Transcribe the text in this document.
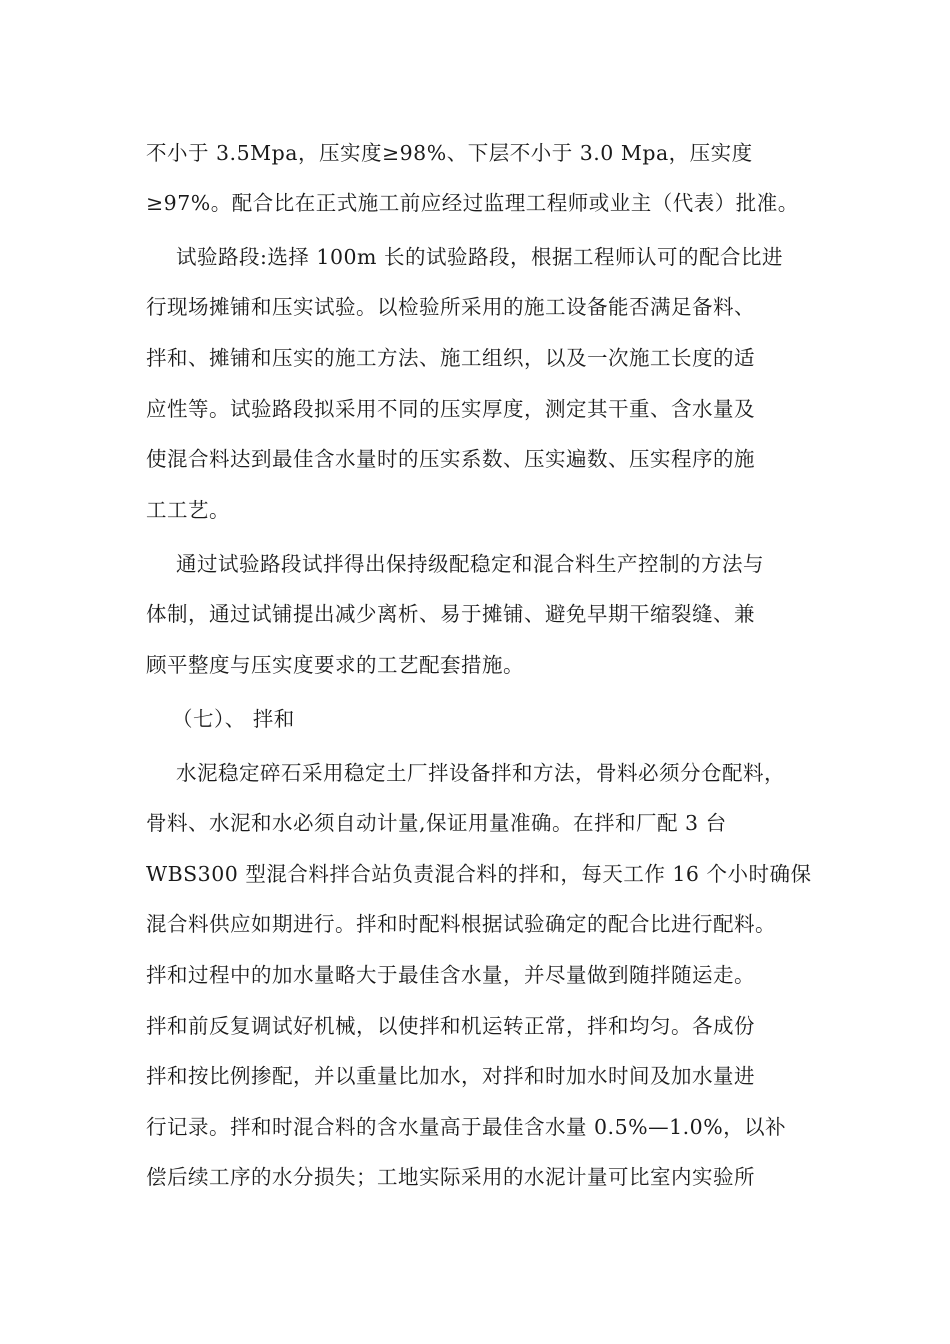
不小于 3.5Mpa，压实度≥98%、下层不小于 3.0 Mpa，压实度
≥97%。配合比在正式施工前应经过监理工程师或业主（代表）批准。
试验路段:选择 100m 长的试验路段，根据工程师认可的配合比进
行现场摊铺和压实试验。以检验所采用的施工设备能否满足备料、
拌和、摊铺和压实的施工方法、施工组织，以及一次施工长度的适
应性等。试验路段拟采用不同的压实厚度，测定其干重、含水量及
使混合料达到最佳含水量时的压实系数、压实遍数、压实程序的施
工工艺。
通过试验路段试拌得出保持级配稳定和混合料生产控制的方法与
体制，通过试铺提出减少离析、易于摊铺、避免早期干缩裂缝、兼
顾平整度与压实度要求的工艺配套措施。
（七）、 拌和
水泥稳定碎石采用稳定土厂拌设备拌和方法，骨料必须分仓配料，
骨料、水泥和水必须自动计量,保证用量准确。在拌和厂配 3 台
WBS300 型混合料拌合站负责混合料的拌和，每天工作 16 个小时确保
混合料供应如期进行。拌和时配料根据试验确定的配合比进行配料。
拌和过程中的加水量略大于最佳含水量，并尽量做到随拌随运走。
拌和前反复调试好机械，以使拌和机运转正常，拌和均匀。各成份
拌和按比例掺配，并以重量比加水，对拌和时加水时间及加水量进
行记录。拌和时混合料的含水量高于最佳含水量 0.5%—1.0%，以补
偿后续工序的水分损失；工地实际采用的水泥计量可比室内实验所
